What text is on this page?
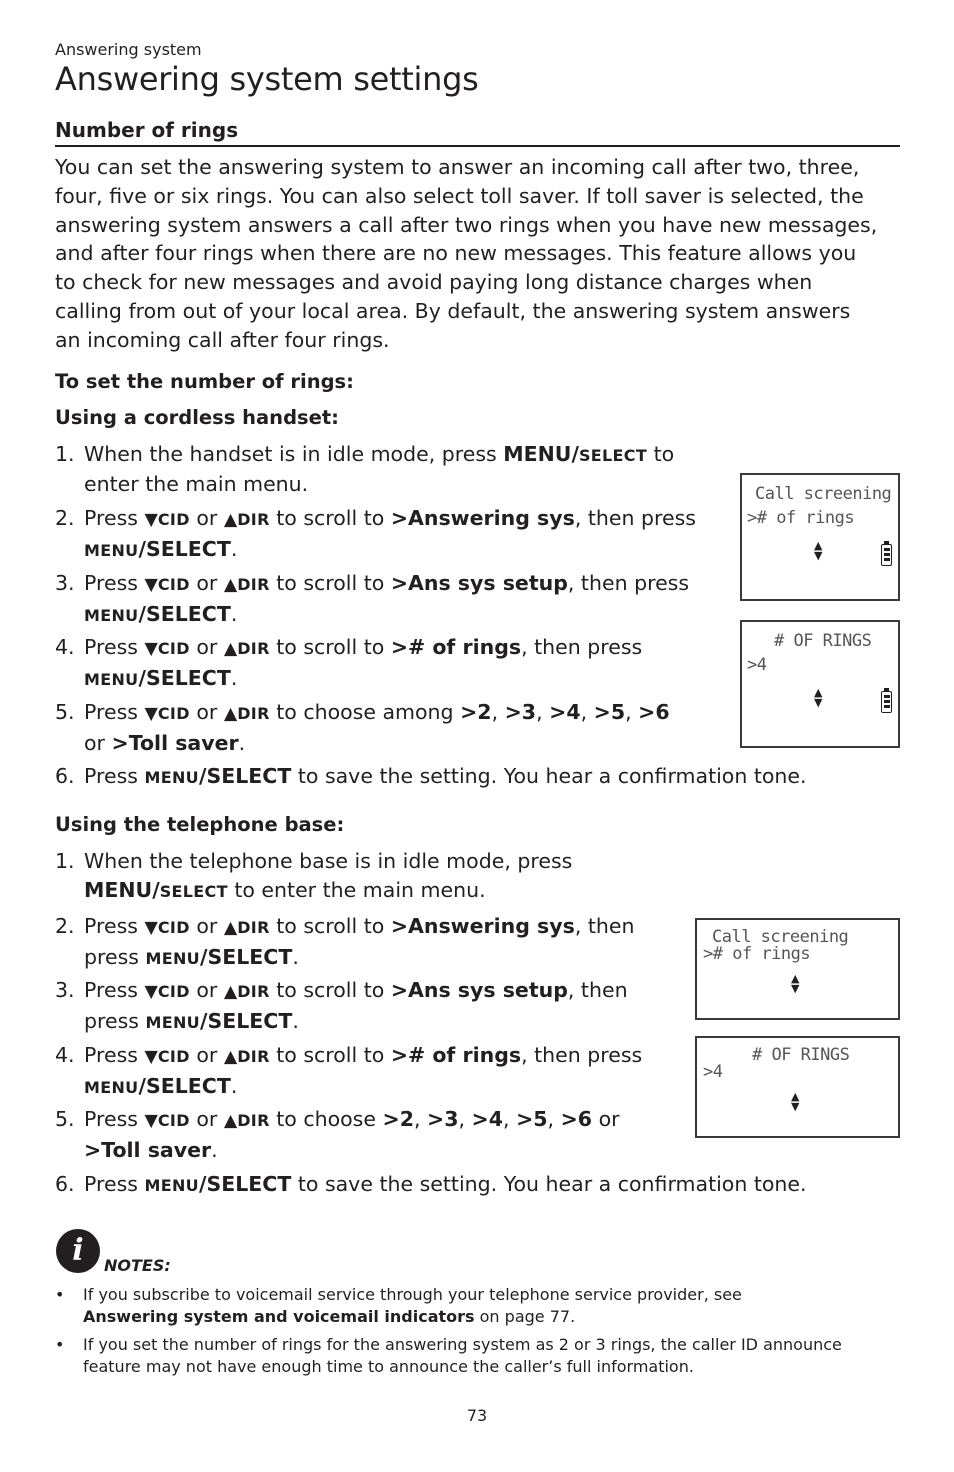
Answering system
Answering system settings
Number of rings
You can set the answering system to answer an incoming call after two, three,
four, five or six rings. You can also select toll saver. If toll saver is selected, the
answering system answers a call after two rings when you have new messages,
and after four rings when there are no new messages. This feature allows you
to check for new messages and avoid paying long distance charges when
calling from out of your local area. By default, the answering system answers
an incoming call after four rings.
To set the number of rings:
Using a cordless handset:
1. When the handset is in idle mode, press MENU/SELECT to
enter the main menu.
2. Press ▼CID or ▲DIR to scroll to >Answering sys, then press
MENU/SELECT.
3. Press ▼CID or ▲DIR to scroll to >Ans sys setup, then press
MENU/SELECT.
4. Press ▼CID or ▲DIR to scroll to ># of rings, then press
MENU/SELECT.
5. Press ▼CID or ▲DIR to choose among >2, >3, >4, >5, >6
or >Toll saver.
6. Press MENU/SELECT to save the setting. You hear a confirmation tone.
Call screening
># of rings
▲
▼
# OF RINGS
>4
▲
▼
Using the telephone base:
1. When the telephone base is in idle mode, press
MENU/SELECT to enter the main menu.
2. Press ▼CID or ▲DIR to scroll to >Answering sys, then
press MENU/SELECT.
3. Press ▼CID or ▲DIR to scroll to >Ans sys setup, then
press MENU/SELECT.
4. Press ▼CID or ▲DIR to scroll to ># of rings, then press
MENU/SELECT.
5. Press ▼CID or ▲DIR to choose >2, >3, >4, >5, >6 or
>Toll saver.
6. Press MENU/SELECT to save the setting. You hear a confirmation tone.
Call screening
># of rings
▲
▼
# OF RINGS
>4
▲
▼
i	NOTES:
•	If you subscribe to voicemail service through your telephone service provider, see
Answering system and voicemail indicators on page 77.
•	If you set the number of rings for the answering system as 2 or 3 rings, the caller ID announce
feature may not have enough time to announce the caller’s full information.
73
